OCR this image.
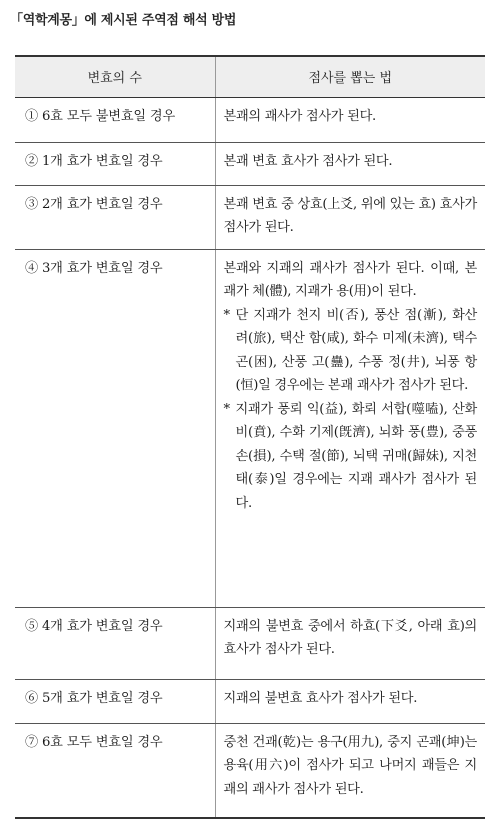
「역학계몽」에 제시된 주역점 해석 방법
변효의 수	점사를 뽑는 법
① 6효 모두 불변효일 경우	본괘의 괘사가 점사가 된다.
② 1개 효가 변효일 경우	본괘 변효 효사가 점사가 된다.
③ 2개 효가 변효일 경우	본괘 변효 중 상효(上爻, 위에 있는 효) 효사가 점사가 된다.
④ 3개 효가 변효일 경우	본괘와 지괘의 괘사가 점사가 된다. 이때, 본괘가 체(體), 지괘가 용(用)이 된다.
* 단 지괘가 천지 비(否), 풍산 점(漸), 화산 려(旅), 택산 함(咸), 화수 미제(未濟), 택수 곤(困), 산풍 고(蠱), 수풍 정(井), 뇌풍 항(恒)일 경우에는 본괘 괘사가 점사가 된다.
* 지괘가 풍뢰 익(益), 화뢰 서합(噬嗑), 산화 비(賁), 수화 기제(旣濟), 뇌화 풍(豊), 중풍 손(損), 수택 절(節), 뇌택 귀매(歸妹), 지천 태(泰)일 경우에는 지괘 괘사가 점사가 된다.

⑤ 4개 효가 변효일 경우	지괘의 불변효 중에서 하효(下爻, 아래 효)의 효사가 점사가 된다.
⑥ 5개 효가 변효일 경우	지괘의 불변효 효사가 점사가 된다.
⑦ 6효 모두 변효일 경우	중천 건괘(乾)는 용구(用九), 중지 곤괘(坤)는 용육(用六)이 점사가 되고 나머지 괘들은 지괘의 괘사가 점사가 된다.
